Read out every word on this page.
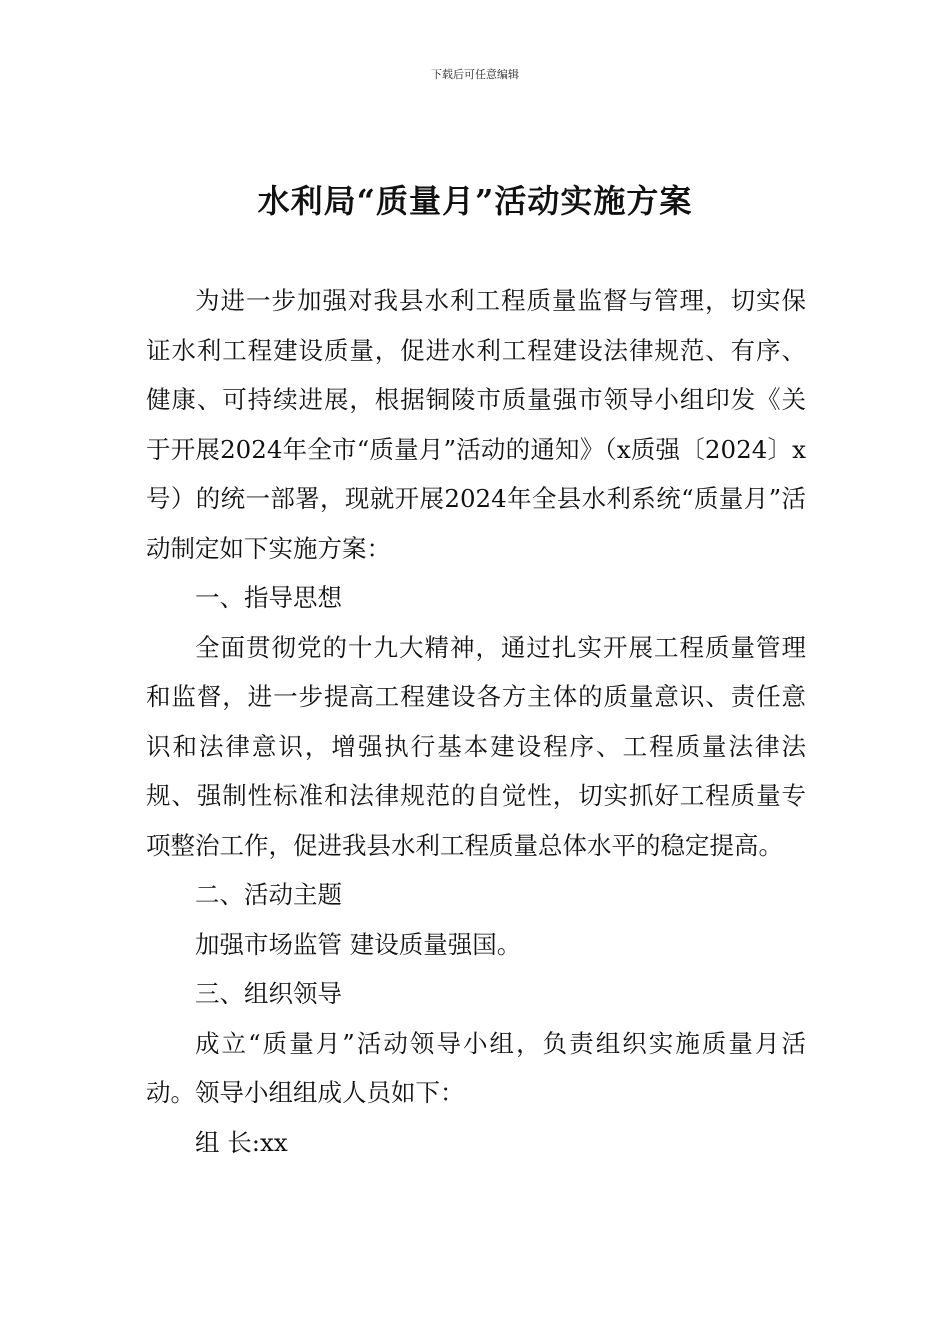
下载后可任意编辑
水利局“质量月”活动实施方案

为进一步加强对我县水利工程质量监督与管理，切实保证水利工程建设质量，促进水利工程建设法律规范、有序、健康、可持续进展，根据铜陵市质量强市领导小组印发《关于开展2024年全市“质量月”活动的通知》（x质强〔2024〕x号）的统一部署，现就开展2024年全县水利系统“质量月”活动制定如下实施方案：

一、指导思想

全面贯彻党的十九大精神，通过扎实开展工程质量管理和监督，进一步提高工程建设各方主体的质量意识、责任意识和法律意识，增强执行基本建设程序、工程质量法律法规、强制性标准和法律规范的自觉性，切实抓好工程质量专项整治工作，促进我县水利工程质量总体水平的稳定提高。

二、活动主题

加强市场监管 建设质量强国。

三、组织领导

成立“质量月”活动领导小组，负责组织实施质量月活动。领导小组组成人员如下：

组 长:xx
